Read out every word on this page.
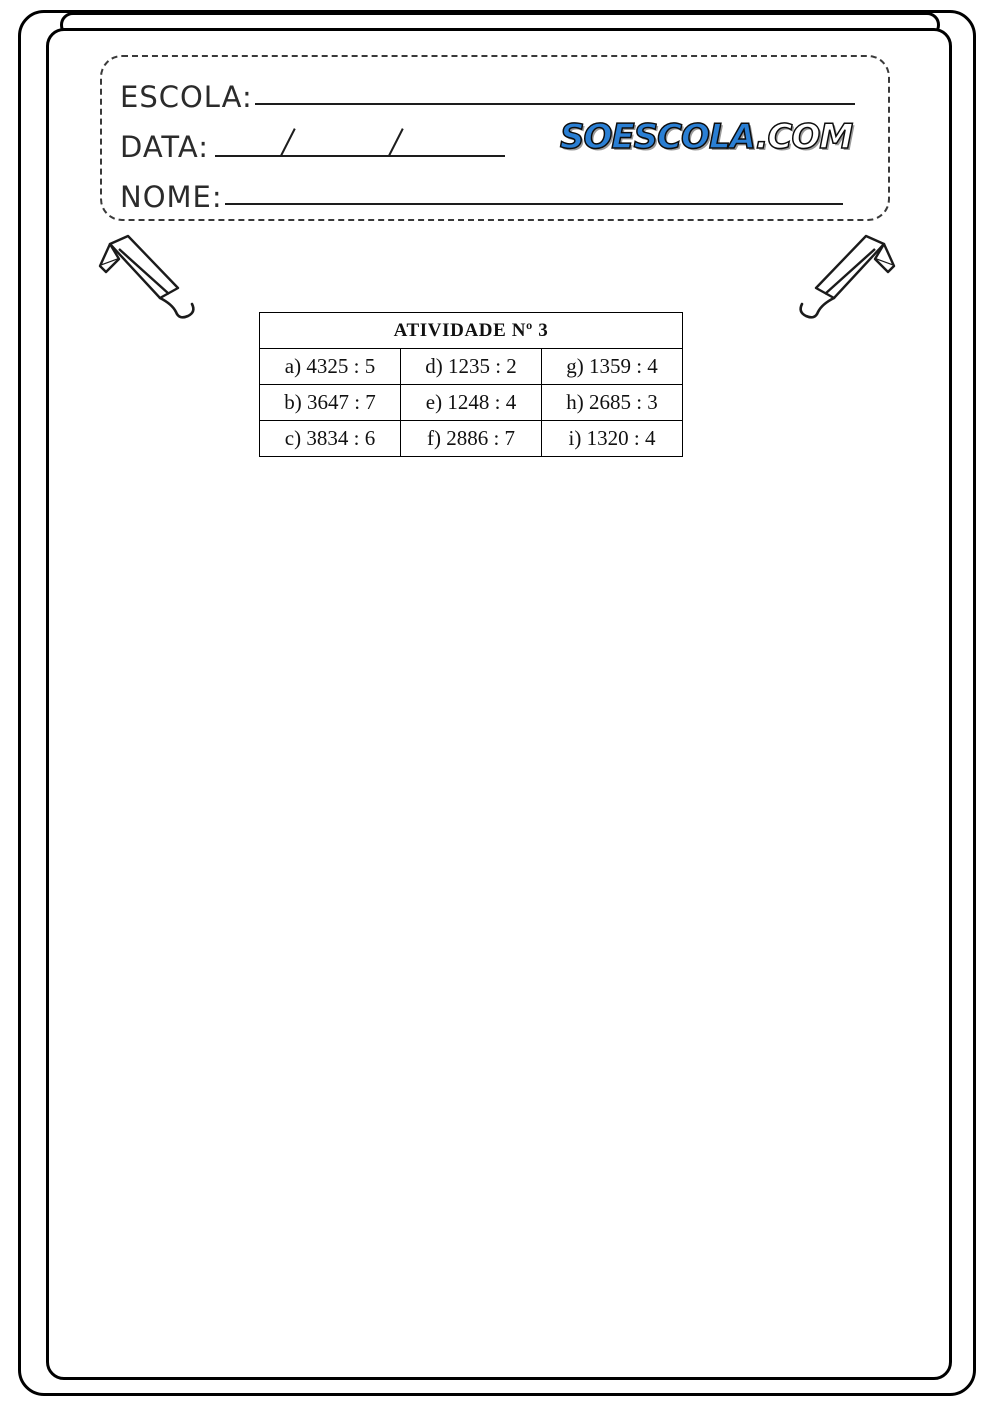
ESCOLA:
DATA:
NOME:
SOESCOLA.COM
ATIVIDADE Nº 3		
a) 4325 : 5	d) 1235 : 2	g) 1359 : 4
b) 3647 : 7	e) 1248 : 4	h) 2685 : 3
c) 3834 : 6	f) 2886 : 7	i) 1320 : 4
